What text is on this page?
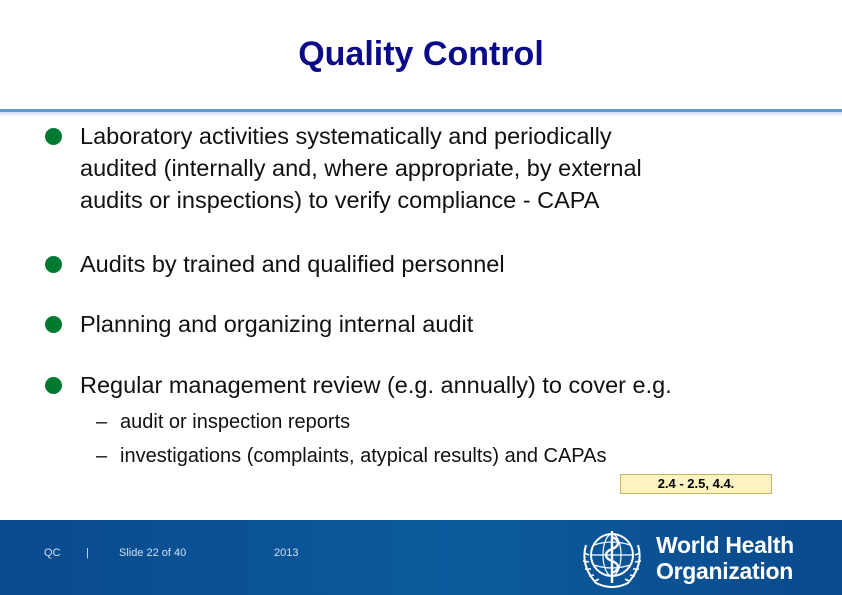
Quality Control
Laboratory activities systematically and periodically
audited (internally and, where appropriate, by external
audits or inspections) to verify compliance - CAPA
Audits by trained and qualified personnel
Planning and organizing internal audit
Regular management review (e.g. annually) to cover e.g.
– audit or inspection reports
– investigations (complaints, atypical results) and CAPAs
2.4 - 2.5, 4.4.
QC |	Slide 22 of 40	2013	World Health
Organization
